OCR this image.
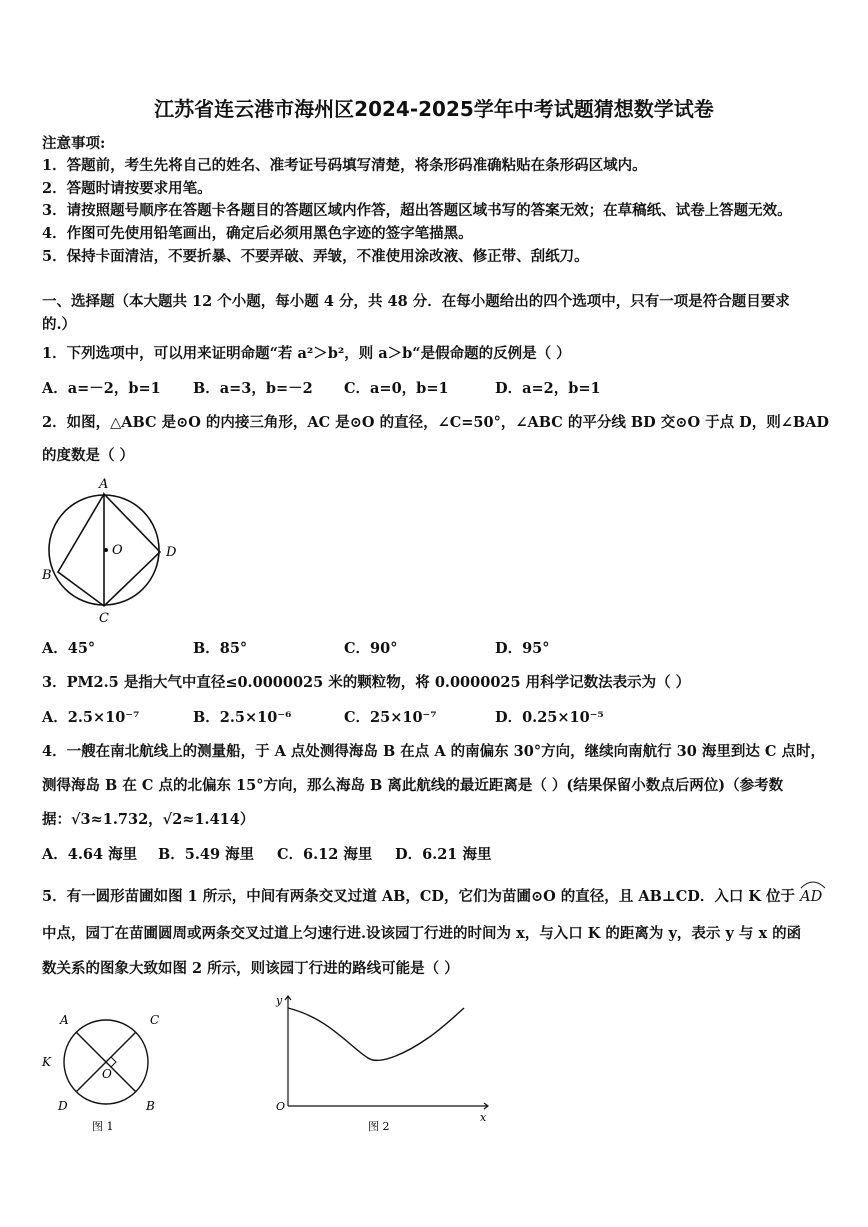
江苏省连云港市海州区2024-2025学年中考试题猜想数学试卷
注意事项:
1．答题前，考生先将自己的姓名、准考证号码填写清楚，将条形码准确粘贴在条形码区域内。
2．答题时请按要求用笔。
3．请按照题号顺序在答题卡各题目的答题区域内作答，超出答题区域书写的答案无效；在草稿纸、试卷上答题无效。
4．作图可先使用铅笔画出，确定后必须用黑色字迹的签字笔描黑。
5．保持卡面清洁，不要折暴、不要弄破、弄皱，不准使用涂改液、修正带、刮纸刀。
一、选择题（本大题共 12 个小题，每小题 4 分，共 48 分．在每小题给出的四个选项中，只有一项是符合题目要求
的.）
1．下列选项中，可以用来证明命题“若 a²＞b²，则 a＞b“是假命题的反例是（ ）
A．a=－2，b=1 B．a=3，b=－2 C．a=0，b=1	D．a=2，b=1
2．如图，△ABC 是⊙O 的内接三角形，AC 是⊙O 的直径，∠C=50°，∠ABC 的平分线 BD 交⊙O 于点 D，则∠BAD
的度数是（ ）
A
B
C
D
O
A．45°	B．85°	C．90°	D．95°
3．PM2.5 是指大气中直径≤0.0000025 米的颗粒物，将 0.0000025 用科学记数法表示为（ ）
A．2.5×10⁻⁷	B．2.5×10⁻⁶	C．25×10⁻⁷	D．0.25×10⁻⁵
4．一艘在南北航线上的测量船，于 A 点处测得海岛 B 在点 A 的南偏东 30°方向，继续向南航行 30 海里到达 C 点时，
测得海岛 B 在 C 点的北偏东 15°方向，那么海岛 B 离此航线的最近距离是（ ）(结果保留小数点后两位)（参考数
据：√3≈1.732，√2≈1.414）
A．4.64 海里 B．5.49 海里 C．6.12 海里 D．6.21 海里
5．有一圆形苗圃如图 1 所示，中间有两条交叉过道 AB，CD，它们为苗圃⊙O 的直径，且 AB⊥CD．入口 K 位于 AD
中点，园丁在苗圃圆周或两条交叉过道上匀速行进.设该园丁行进的时间为 x，与入口 K 的距离为 y，表示 y 与 x 的函
数关系的图象大致如图 2 所示，则该园丁行进的路线可能是（ ）
A	C
K
O
D	B
图 1
y
x
O
图 2
